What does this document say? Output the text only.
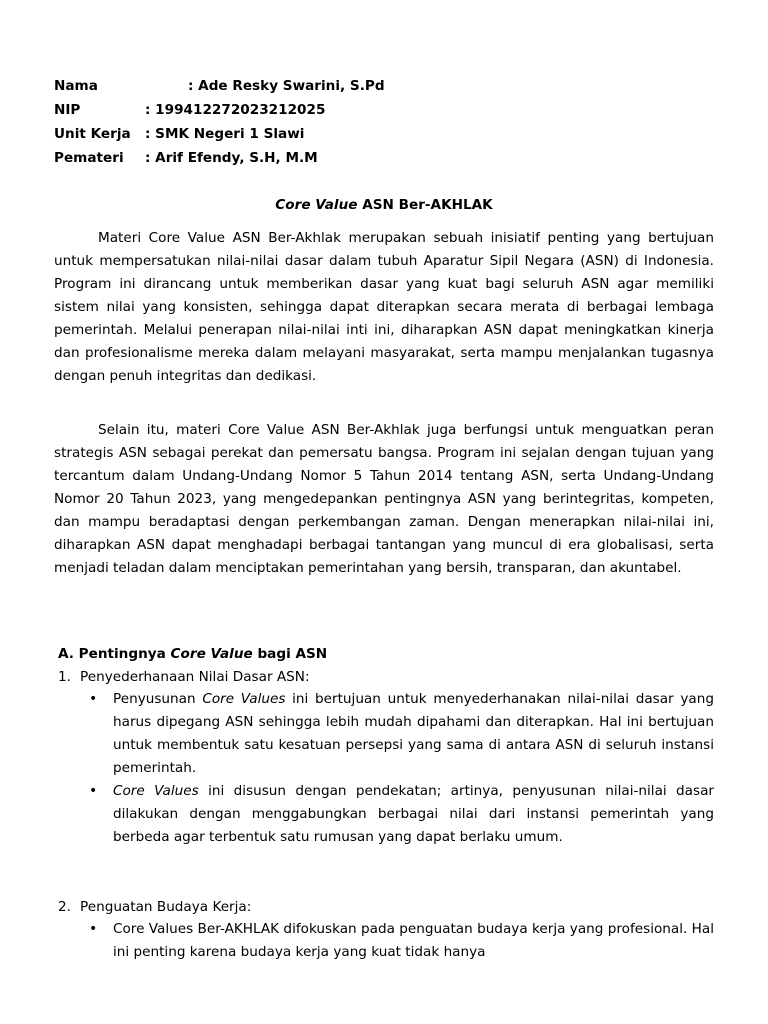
Nama	: Ade Resky Swarini, S.Pd
NIP	: 199412272023212025
Unit Kerja : SMK Negeri 1 Slawi
Pemateri : Arif Efendy, S.H, M.M
Core Value ASN Ber-AKHLAK

Materi Core Value ASN Ber-Akhlak merupakan sebuah inisiatif penting yang bertujuan untuk mempersatukan nilai-nilai dasar dalam tubuh Aparatur Sipil Negara (ASN) di Indonesia. Program ini dirancang untuk memberikan dasar yang kuat bagi seluruh ASN agar memiliki sistem nilai yang konsisten, sehingga dapat diterapkan secara merata di berbagai lembaga pemerintah. Melalui penerapan nilai-nilai inti ini, diharapkan ASN dapat meningkatkan kinerja dan profesionalisme mereka dalam melayani masyarakat, serta mampu menjalankan tugasnya dengan penuh integritas dan dedikasi.

Selain itu, materi Core Value ASN Ber-Akhlak juga berfungsi untuk menguatkan peran strategis ASN sebagai perekat dan pemersatu bangsa. Program ini sejalan dengan tujuan yang tercantum dalam Undang-Undang Nomor 5 Tahun 2014 tentang ASN, serta Undang-Undang Nomor 20 Tahun 2023, yang mengedepankan pentingnya ASN yang berintegritas, kompeten, dan mampu beradaptasi dengan perkembangan zaman. Dengan menerapkan nilai-nilai ini, diharapkan ASN dapat menghadapi berbagai tantangan yang muncul di era globalisasi, serta menjadi teladan dalam menciptakan pemerintahan yang bersih, transparan, dan akuntabel.

A. Pentingnya Core Value bagi ASN
1. Penyederhanaan Nilai Dasar ASN:
• Penyusunan Core Values ini bertujuan untuk menyederhanakan nilai-nilai dasar yang harus dipegang ASN sehingga lebih mudah dipahami dan diterapkan. Hal ini bertujuan untuk membentuk satu kesatuan persepsi yang sama di antara ASN di seluruh instansi pemerintah.

• Core Values ini disusun dengan pendekatan; artinya, penyusunan nilai-nilai dasar dilakukan dengan menggabungkan berbagai nilai dari instansi pemerintah yang berbeda agar terbentuk satu rumusan yang dapat berlaku umum.

2. Penguatan Budaya Kerja:
• Core Values Ber-AKHLAK difokuskan pada penguatan budaya kerja yang profesional. Hal ini penting karena budaya kerja yang kuat tidak hanya
